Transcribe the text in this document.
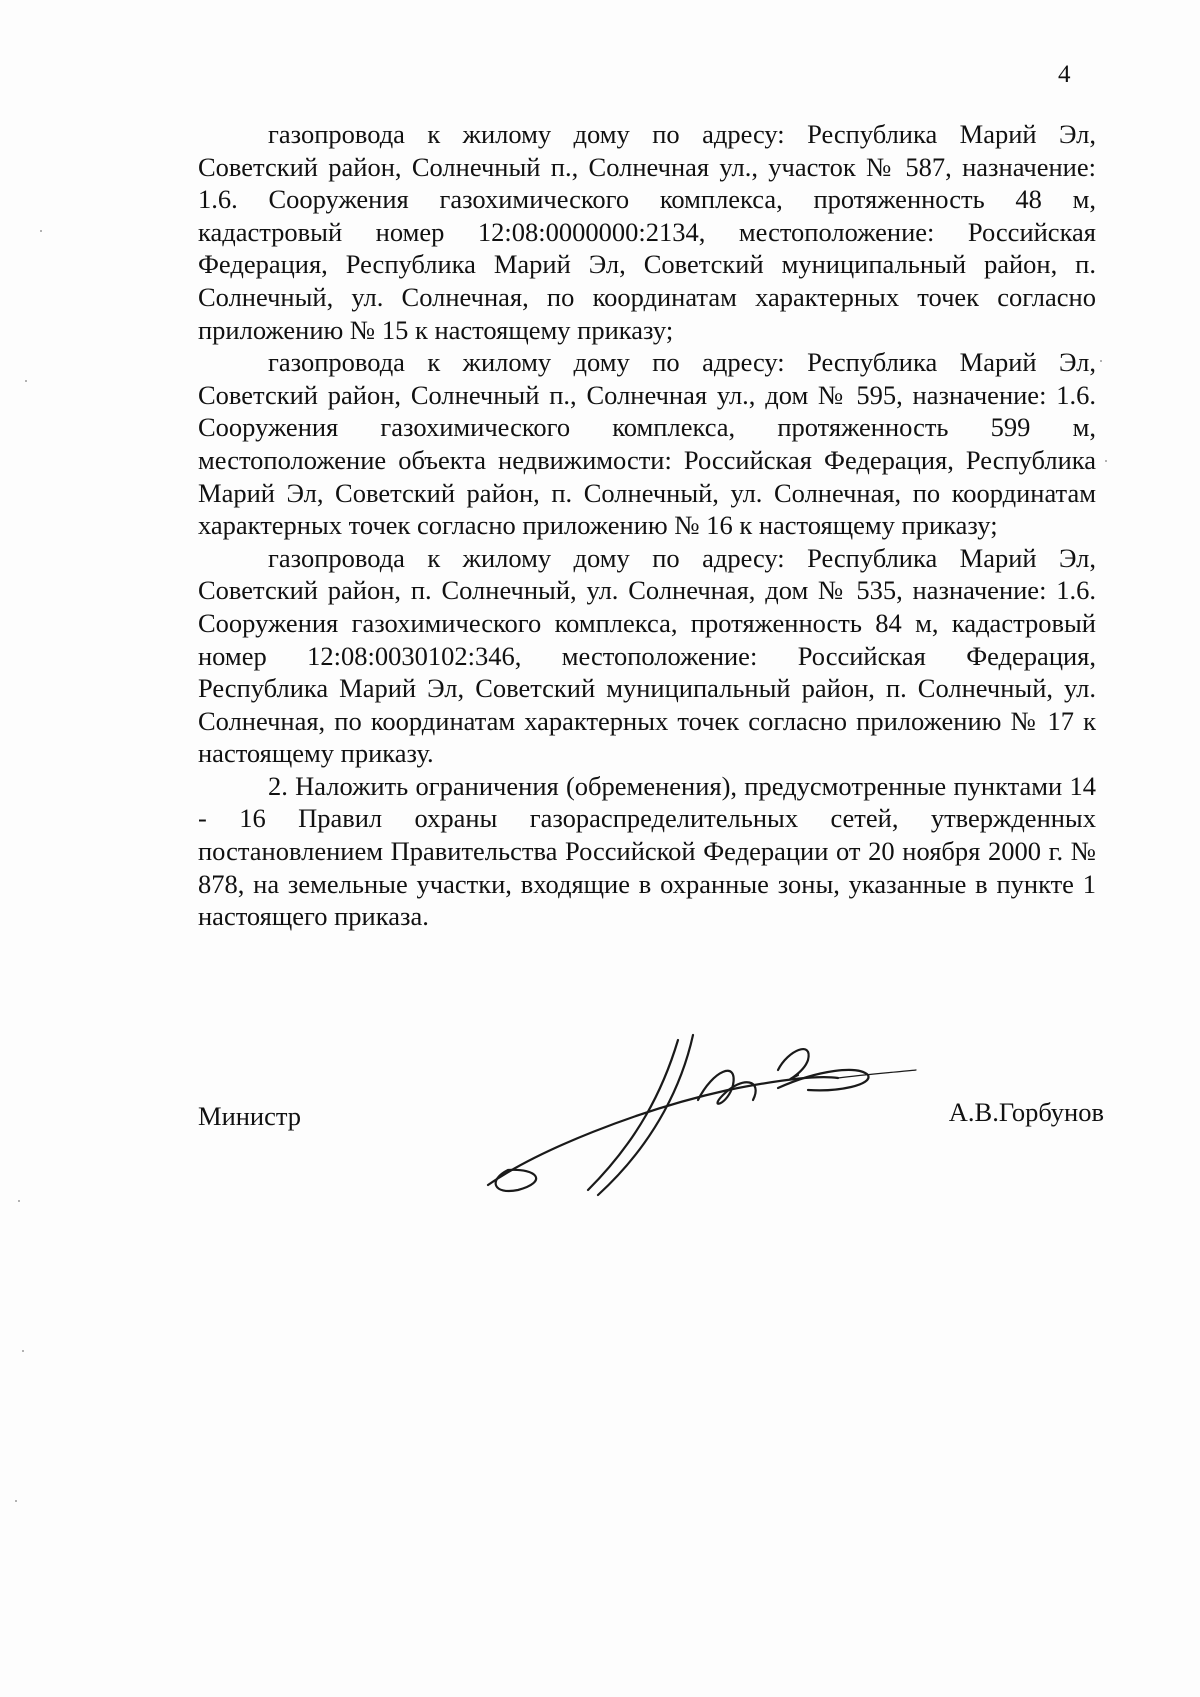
4

газопровода к жилому дому по адресу: Республика Марий Эл, Советский район, Солнечный п., Солнечная ул., участок № 587, назначение: 1.6. Сооружения газохимического комплекса, протяженность 48 м, кадастровый номер 12:08:0000000:2134, местоположение: Российская Федерация, Республика Марий Эл, Советский муниципальный район, п. Солнечный, ул. Солнечная, по координатам характерных точек согласно приложению № 15 к настоящему приказу;

газопровода к жилому дому по адресу: Республика Марий Эл, Советский район, Солнечный п., Солнечная ул., дом № 595, назначение: 1.6. Сооружения газохимического комплекса, протяженность 599 м, местоположение объекта недвижимости: Российская Федерация, Республика Марий Эл, Советский район, п. Солнечный, ул. Солнечная, по координатам характерных точек согласно приложению № 16 к настоящему приказу;

газопровода к жилому дому по адресу: Республика Марий Эл, Советский район, п. Солнечный, ул. Солнечная, дом № 535, назначение: 1.6. Сооружения газохимического комплекса, протяженность 84 м, кадастровый номер 12:08:0030102:346, местоположение: Российская Федерация, Республика Марий Эл, Советский муниципальный район, п. Солнечный, ул. Солнечная, по координатам характерных точек согласно приложению № 17 к настоящему приказу.

2. Наложить ограничения (обременения), предусмотренные пунктами 14 - 16 Правил охраны газораспределительных сетей, утвержденных постановлением Правительства Российской Федерации от 20 ноября 2000 г. № 878, на земельные участки, входящие в охранные зоны, указанные в пункте 1 настоящего приказа.

Министр	А.В.Горбунов
